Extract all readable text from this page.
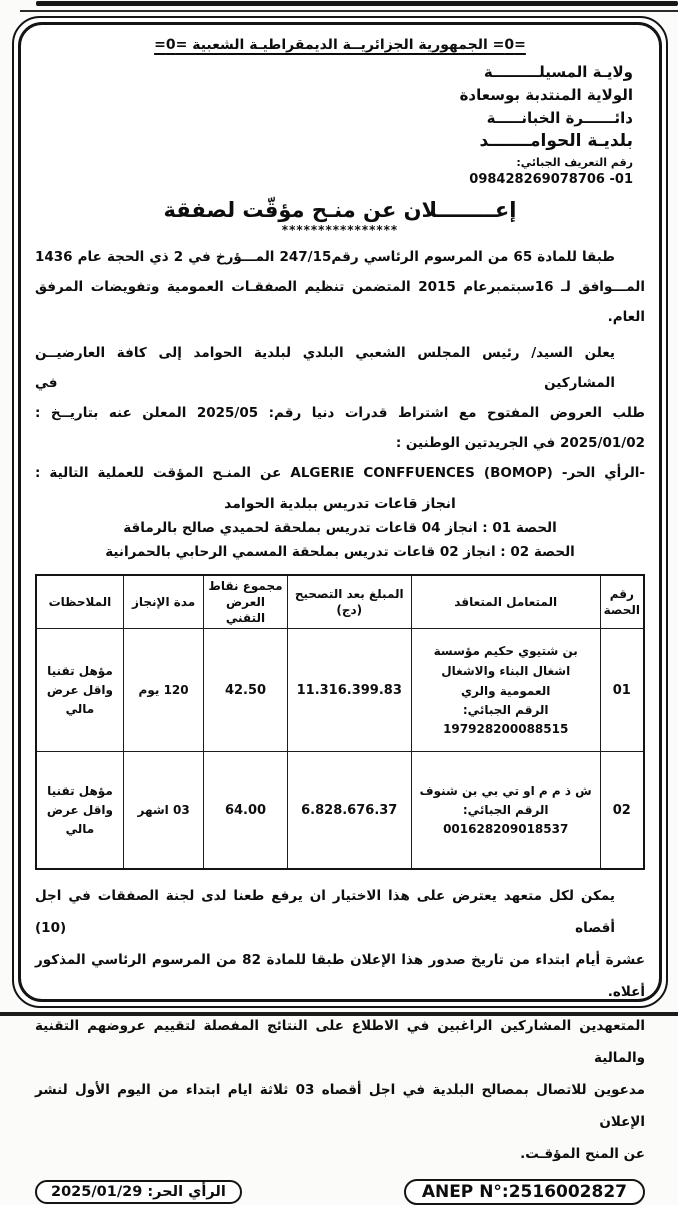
=0= الجمهورية الجزائريــة الديمقراطيـة الشعبية =0=
ولايـة المسيلـــــــــة
الولاية المنتدبة بوسعادة
دائــــــرة الخبانـــــة
بلديـة الحوامـــــــد
رقم التعريف الجبائي:
098428269078706 -01
إعــــــــلان عن منـح مؤقّت لصفقة
****************
طبقا للمادة 65 من المرسوم الرئاسي رقم247/15 المـــؤرخ في 2 ذي الحجة عام 1436
المـــوافق لـ 16سبتمبرعام 2015 المتضمن تنظيم الصفقـات العمومية وتفويضات المرفق العام.
يعلن السيد/ رئيس المجلس الشعبي البلدي لبلدية الحوامد إلى كافة العارضيــن المشاركين في
طلب العروض المفتوح مع اشتراط قدرات دنيا رقم: 2025/05 المعلن عنه بتاريــخ :
2025/01/02 في الجريدتين الوطنين :
-الرأي الحر- (BOMOP) ALGERIE CONFFUENCES عن المنـح المؤقت للعملية التالية :
انجاز قاعات تدريس ببلدية الحوامد
الحصة 01 : انجاز 04 قاعات تدريس بملحقة لحميدي صالح بالرماقة
الحصة 02 : انجاز 02 قاعات تدريس بملحقة المسمي الرحابي بالحمرانية
رقم الحصة	المتعامل المتعاقد	المبلغ بعد التصحيح (دج)	مجموع نقاط العرض التقني	مدة الإنجاز	الملاحظات
01	بن شتيوي حكيم مؤسسة اشغال البناء والاشغال العمومية والري
الرقم الجبائي: 197928200088515	11.316.399.83	42.50	120 يوم	مؤهل تقنيا واقل عرض مالي
02	ش ذ م م او تي بي بن شنوف
الرقم الجبائي: 001628209018537	6.828.676.37	64.00	03 اشهر	مؤهل تقنيا واقل عرض مالي
يمكن لكل متعهد يعترض على هذا الاختيار ان يرفع طعنا لدى لجنة الصفقات في اجل أقصاه (10)
عشرة أيام ابتداء من تاريخ صدور هذا الإعلان طبقا للمادة 82 من المرسوم الرئاسي المذكور
أعلاه.
المتعهدين المشاركين الراغبين في الاطلاع على النتائج المفصلة لتقييم عروضهم التقنية والمالية
مدعوين للاتصال بمصالح البلدية في اجل أقصاه 03 ثلاثة ايام ابتداء من اليوم الأول لنشر الإعلان
عن المنح المؤقـت.
ANEP N°:2516002827
الرأي الحر: 2025/01/29
